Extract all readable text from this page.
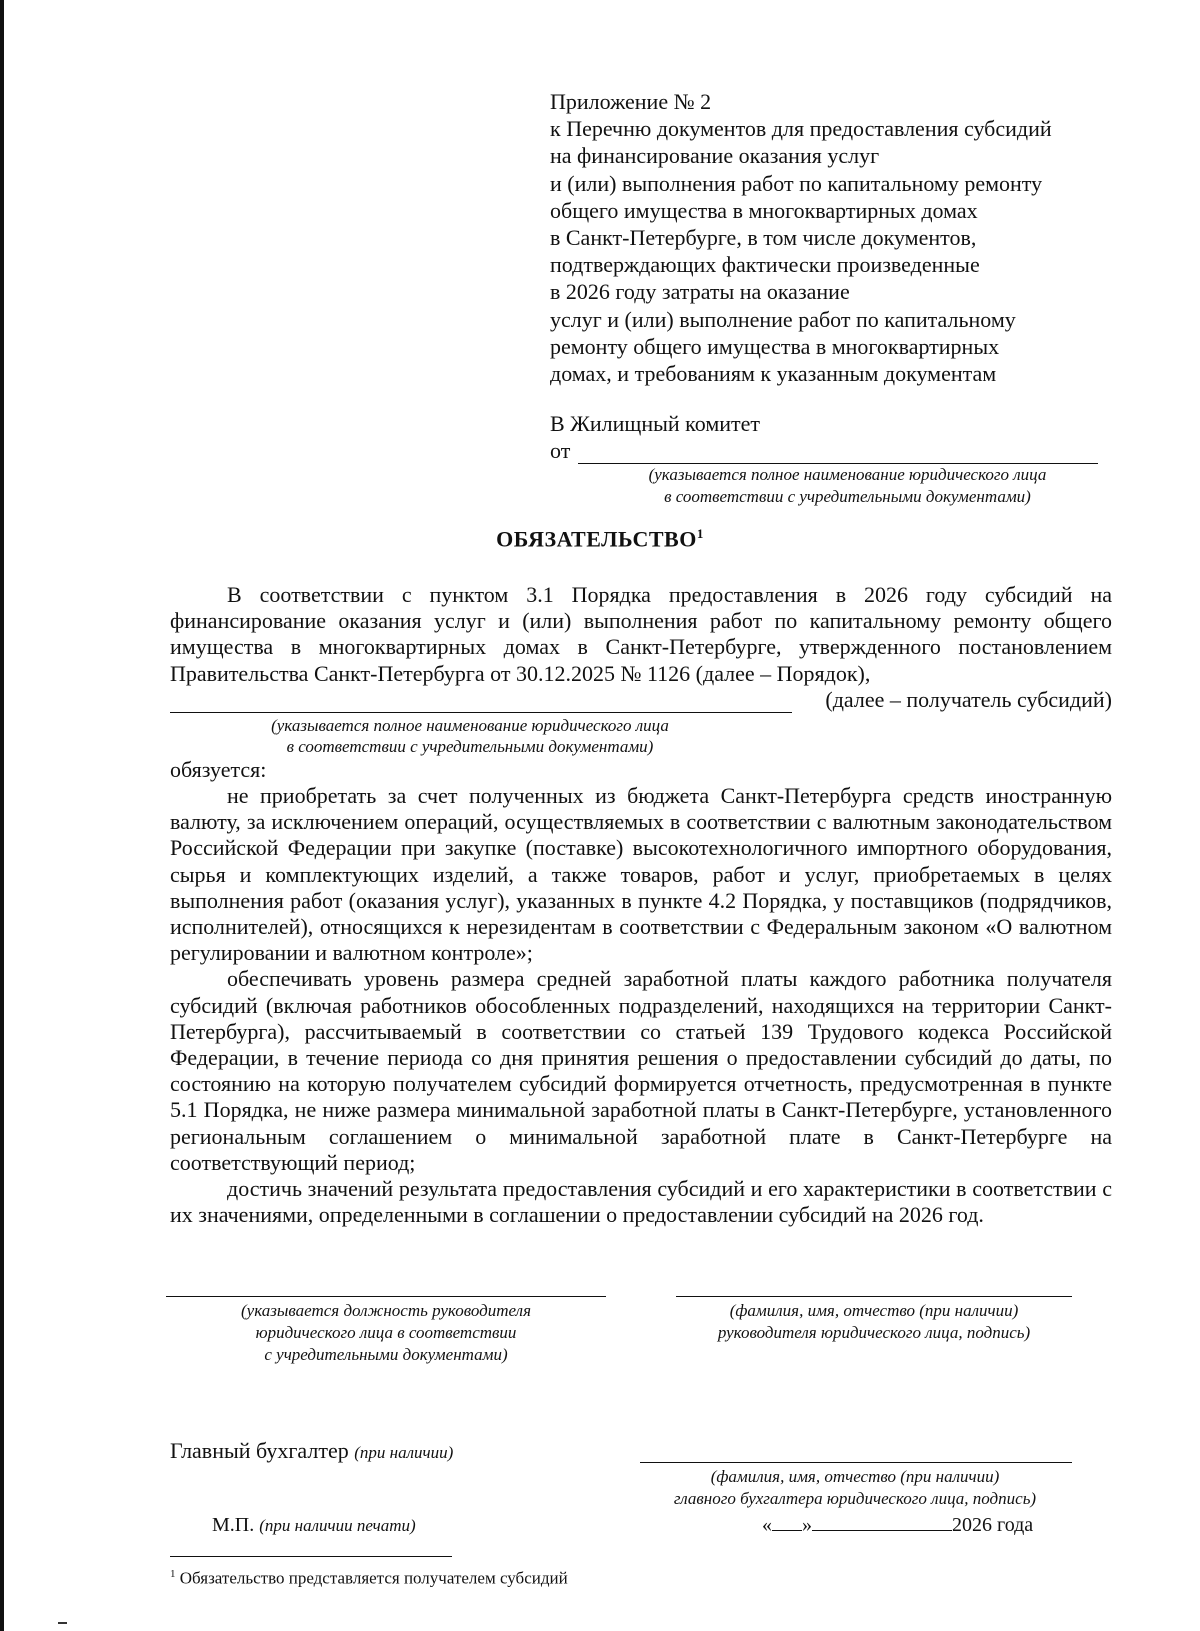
Приложение № 2
к Перечню документов для предоставления субсидий
на финансирование оказания услуг
и (или) выполнения работ по капитальному ремонту
общего имущества в многоквартирных домах
в Санкт-Петербурге, в том числе документов,
подтверждающих фактически произведенные
в 2026 году затраты на оказание
услуг и (или) выполнение работ по капитальному
ремонту общего имущества в многоквартирных
домах, и требованиям к указанным документам
В Жилищный комитет
от
(указывается полное наименование юридического лица
в соответствии с учредительными документами)
ОБЯЗАТЕЛЬСТВО$^1$

В соответствии с пунктом 3.1 Порядка предоставления в 2026 году субсидий на финансирование оказания услуг и (или) выполнения работ по капитальному ремонту общего имущества в многоквартирных домах в Санкт-Петербурге, утвержденного постановлением Правительства Санкт-Петербурга от 30.12.2025 № 1126 (далее – Порядок),

(далее – получатель субсидий)
(указывается полное наименование юридического лица
в соответствии с учредительными документами)

обязуется:

не приобретать за счет полученных из бюджета Санкт-Петербурга средств иностранную валюту, за исключением операций, осуществляемых в соответствии с валютным законодательством Российской Федерации при закупке (поставке) высокотехнологичного импортного оборудования, сырья и комплектующих изделий, а также товаров, работ и услуг, приобретаемых в целях выполнения работ (оказания услуг), указанных в пункте 4.2 Порядка, у поставщиков (подрядчиков, исполнителей), относящихся к нерезидентам в соответствии с Федеральным законом «О валютном регулировании и валютном контроле»;

обеспечивать уровень размера средней заработной платы каждого работника получателя субсидий (включая работников обособленных подразделений, находящихся на территории Санкт-Петербурга), рассчитываемый в соответствии со статьей 139 Трудового кодекса Российской Федерации, в течение периода со дня принятия решения о предоставлении субсидий до даты, по состоянию на которую получателем субсидий формируется отчетность, предусмотренная в пункте 5.1 Порядка, не ниже размера минимальной заработной платы в Санкт-Петербурге, установленного региональным соглашением о минимальной заработной плате в Санкт-Петербурге на соответствующий период;

достичь значений результата предоставления субсидий и его характеристики в соответствии с их значениями, определенными в соглашении о предоставлении субсидий на 2026 год.

(указывается должность руководителя
юридического лица в соответствии
с учредительными документами)
(фамилия, имя, отчество (при наличии)
руководителя юридического лица, подпись)
Главный бухгалтер (при наличии)
(фамилия, имя, отчество (при наличии)
главного бухгалтера юридического лица, подпись)
М.П. (при наличии печати)	« »	2026 года
$^1$ Обязательство представляется получателем субсидий
